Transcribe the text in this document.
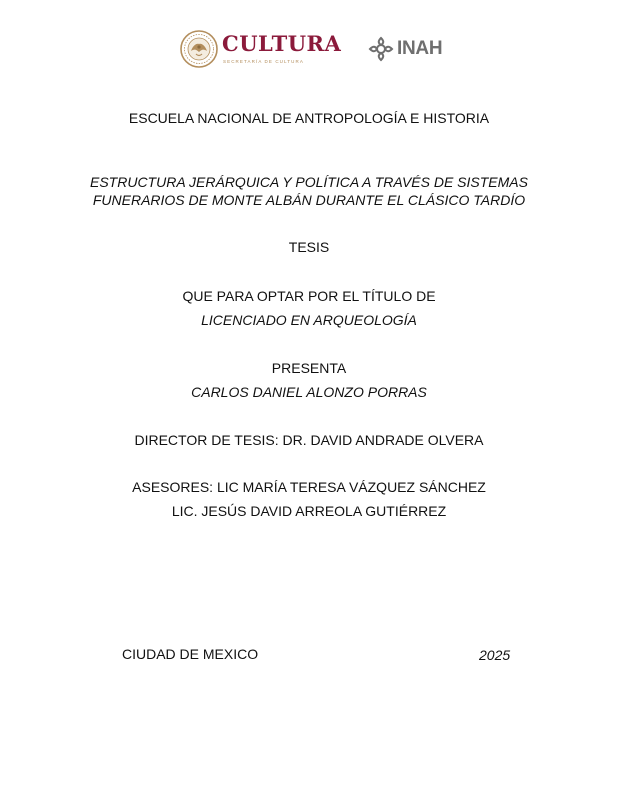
CULTURA
SECRETARÍA DE CULTURA
INAH
ESCUELA NACIONAL DE ANTROPOLOGÍA E HISTORIA
ESTRUCTURA JERÁRQUICA Y POLÍTICA A TRAVÉS DE SISTEMAS
FUNERARIOS DE MONTE ALBÁN DURANTE EL CLÁSICO TARDÍO
TESIS
QUE PARA OPTAR POR EL TÍTULO DE
LICENCIADO EN ARQUEOLOGÍA
PRESENTA
CARLOS DANIEL ALONZO PORRAS
DIRECTOR DE TESIS: DR. DAVID ANDRADE OLVERA
ASESORES: LIC MARÍA TERESA VÁZQUEZ SÁNCHEZ
LIC. JESÚS DAVID ARREOLA GUTIÉRREZ
CIUDAD DE MEXICO	2025
